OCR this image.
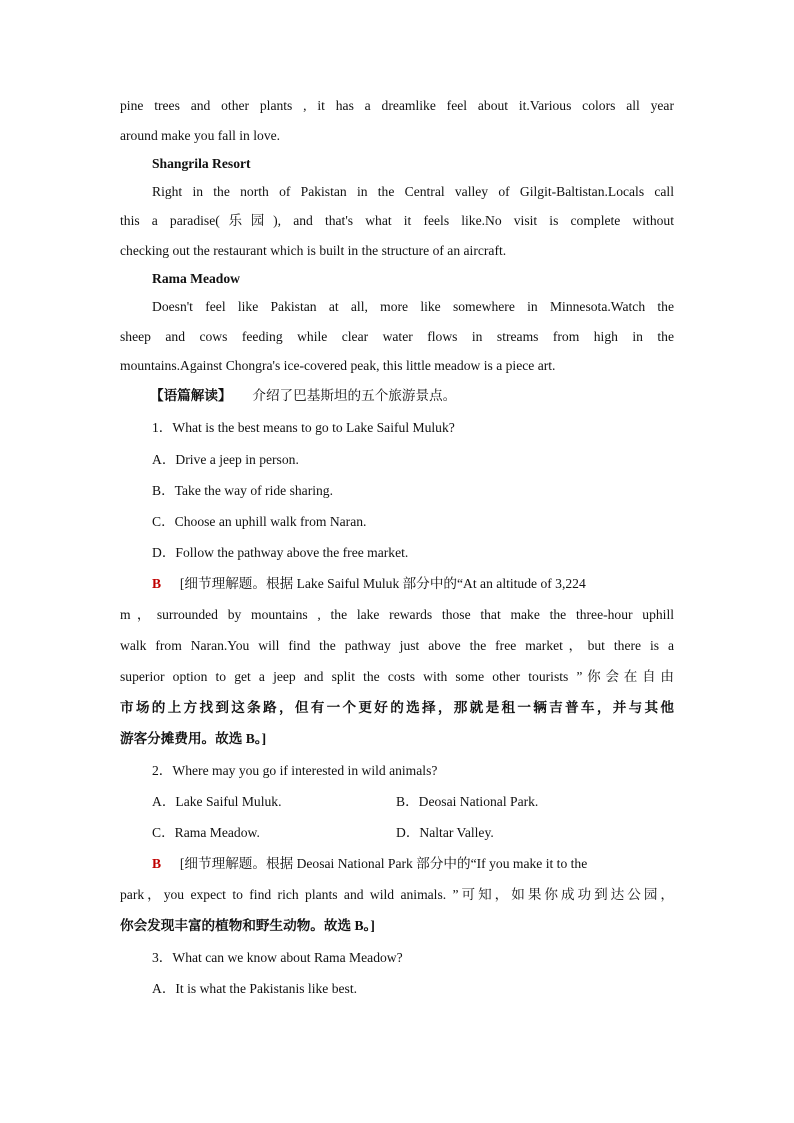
pine trees and other plants , it has a dreamlike feel about it.Various colors all year
around make you fall in love.
Shangrila Resort
Right in the north of Pakistan in the Central valley of Gilgit-Baltistan.Locals call
this a paradise(乐园), and that's what it feels like.No visit is complete without
checking out the restaurant which is built in the structure of an aircraft.
Rama Meadow
Doesn't feel like Pakistan at all, more like somewhere in Minnesota.Watch the
sheep and cows feeding while clear water flows in streams from high in the
mountains.Against Chongra's ice-covered peak, this little meadow is a piece art.
【语篇解读】 介绍了巴基斯坦的五个旅游景点。
1．What is the best means to go to Lake Saiful Muluk?
A．Drive a jeep in person.
B．Take the way of ride sharing.
C．Choose an uphill walk from Naran.
D．Follow the pathway above the free market.
B [细节理解题。根据 Lake Saiful Muluk 部分中的“At an altitude of 3,224
m，surrounded by mountains , the lake rewards those that make the three-hour uphill
walk from Naran.You will find the pathway just above the free market，but there is a
superior option to get a jeep and split the costs with some other tourists ”你会在自由
市场的上方找到这条路，但有一个更好的选择，那就是租一辆吉普车，并与其他
游客分摊费用。故选 B。]
2．Where may you go if interested in wild animals?
A．Lake Saiful Muluk.	B．Deosai National Park.
C．Rama Meadow.	D．Naltar Valley.
B [细节理解题。根据 Deosai National Park 部分中的“If you make it to the
park，you expect to find rich plants and wild animals. ”可知，如果你成功到达公园，
你会发现丰富的植物和野生动物。故选 B。]
3．What can we know about Rama Meadow?
A．It is what the Pakistanis like best.
